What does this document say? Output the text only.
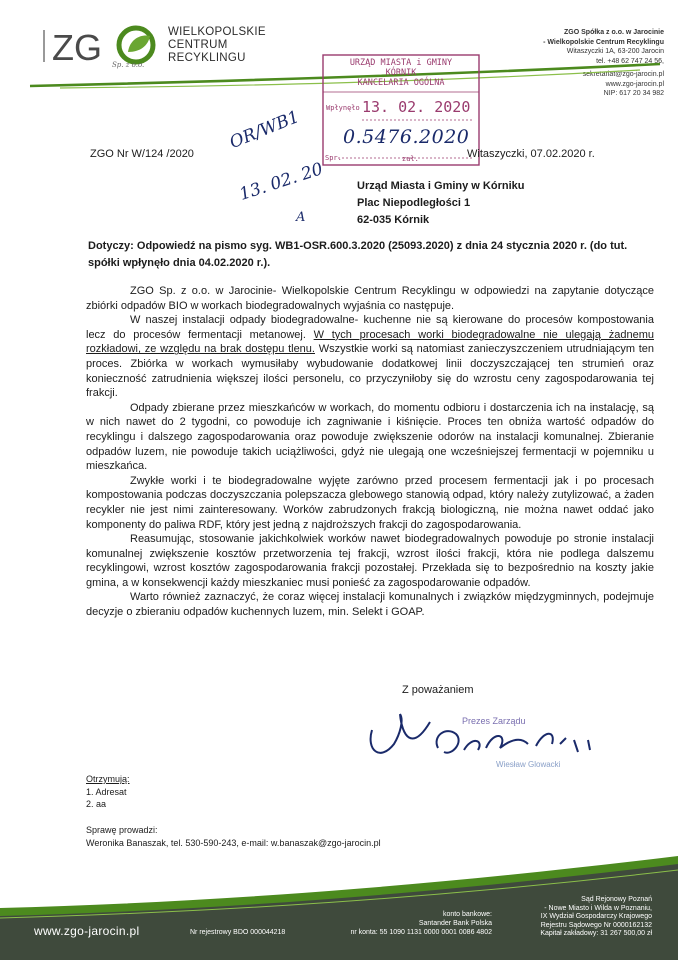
ZG	WIELKOPOLSKIE
CENTRUM
RECYKLINGU
Sp. z o.o.
ZGO Spółka z o.o. w Jarocinie
- Wielkopolskie Centrum Recyklingu
Witaszyczki 1A, 63-200 Jarocin
tel. +48 62 747 24 56,
sekretariat@zgo-jarocin.pl
www.zgo-jarocin.pl
NIP: 617 20 34 982
URZĄD MIASTA i GMINY
KÓRNIK
KANCELARIA OGÓLNA
Wpłynęło 13. 02. 2020
Spr.	zał.
0.5476.2020
OR/WB1
13. 02. 20
A
ZGO Nr W/124 /2020	Witaszyczki, 07.02.2020 r.
Urząd Miasta i Gminy w Kórniku
Plac Niepodległości 1
62-035 Kórnik
Dotyczy: Odpowiedź na pismo syg. WB1-OSR.600.3.2020 (25093.2020) z dnia 24 stycznia 2020 r. (do tut. spółki wpłynęło dnia 04.02.2020 r.).

ZGO Sp. z o.o. w Jarocinie- Wielkopolskie Centrum Recyklingu w odpowiedzi na zapytanie dotyczące zbiórki odpadów BIO w workach biodegradowalnych wyjaśnia co następuje.

W naszej instalacji odpady biodegradowalne- kuchenne nie są kierowane do procesów kompostowania lecz do procesów fermentacji metanowej. W tych procesach worki biodegradowalne nie ulegają żadnemu rozkładowi, ze względu na brak dostępu tlenu. Wszystkie worki są natomiast zanieczyszczeniem utrudniającym ten proces. Zbiórka w workach wymusiłaby wybudowanie dodatkowej linii doczyszczającej ten strumień oraz konieczność zatrudnienia większej ilości personelu, co przyczyniłoby się do wzrostu ceny zagospodarowania tej frakcji.

Odpady zbierane przez mieszkańców w workach, do momentu odbioru i dostarczenia ich na instalację, są w nich nawet do 2 tygodni, co powoduje ich zagniwanie i kiśnięcie. Proces ten obniża wartość odpadów do recyklingu i dalszego zagospodarowania oraz powoduje zwiększenie odorów na instalacji komunalnej. Zbieranie odpadów luzem, nie powoduje takich uciążliwości, gdyż nie ulegają one wcześniejszej fermentacji w pojemniku u mieszkańca.

Zwykłe worki i te biodegradowalne wyjęte zarówno przed procesem fermentacji jak i po procesach kompostowania podczas doczyszczania polepszacza glebowego stanowią odpad, który należy zutylizować, a żaden recykler nie jest nimi zainteresowany. Worków zabrudzonych frakcją biologiczną, nie można nawet oddać jako komponenty do paliwa RDF, który jest jedną z najdroższych frakcji do zagospodarowania.

Reasumując, stosowanie jakichkolwiek worków nawet biodegradowalnych powoduje po stronie instalacji komunalnej zwiększenie kosztów przetworzenia tej frakcji, wzrost ilości frakcji, która nie podlega dalszemu recyklingowi, wzrost kosztów zagospodarowania frakcji pozostałej. Przekłada się to bezpośrednio na koszty jakie gmina, a w konsekwencji każdy mieszkaniec musi ponieść za zagospodarowanie odpadów.

Warto również zaznaczyć, że coraz więcej instalacji komunalnych i związków międzygminnych, podejmuje decyzje o zbieraniu odpadów kuchennych luzem, min. Selekt i GOAP.

Z poważaniem
Prezes Zarządu
Wiesław Glowacki
Otrzymują:
1. Adresat
2. aa
Sprawę prowadzi:
Weronika Banaszak, tel. 530-590-243, e-mail: w.banaszak@zgo-jarocin.pl
www.zgo-jarocin.pl	Nr rejestrowy BDO 000044218
konto bankowe:
Santander Bank Polska
nr konta: 55 1090 1131 0000 0001 0086 4802
Sąd Rejonowy Poznań
- Nowe Miasto i Wilda w Poznaniu,
IX Wydział Gospodarczy Krajowego
Rejestru Sądowego Nr 0000162132
Kapitał zakładowy: 31 267 500,00 zł
